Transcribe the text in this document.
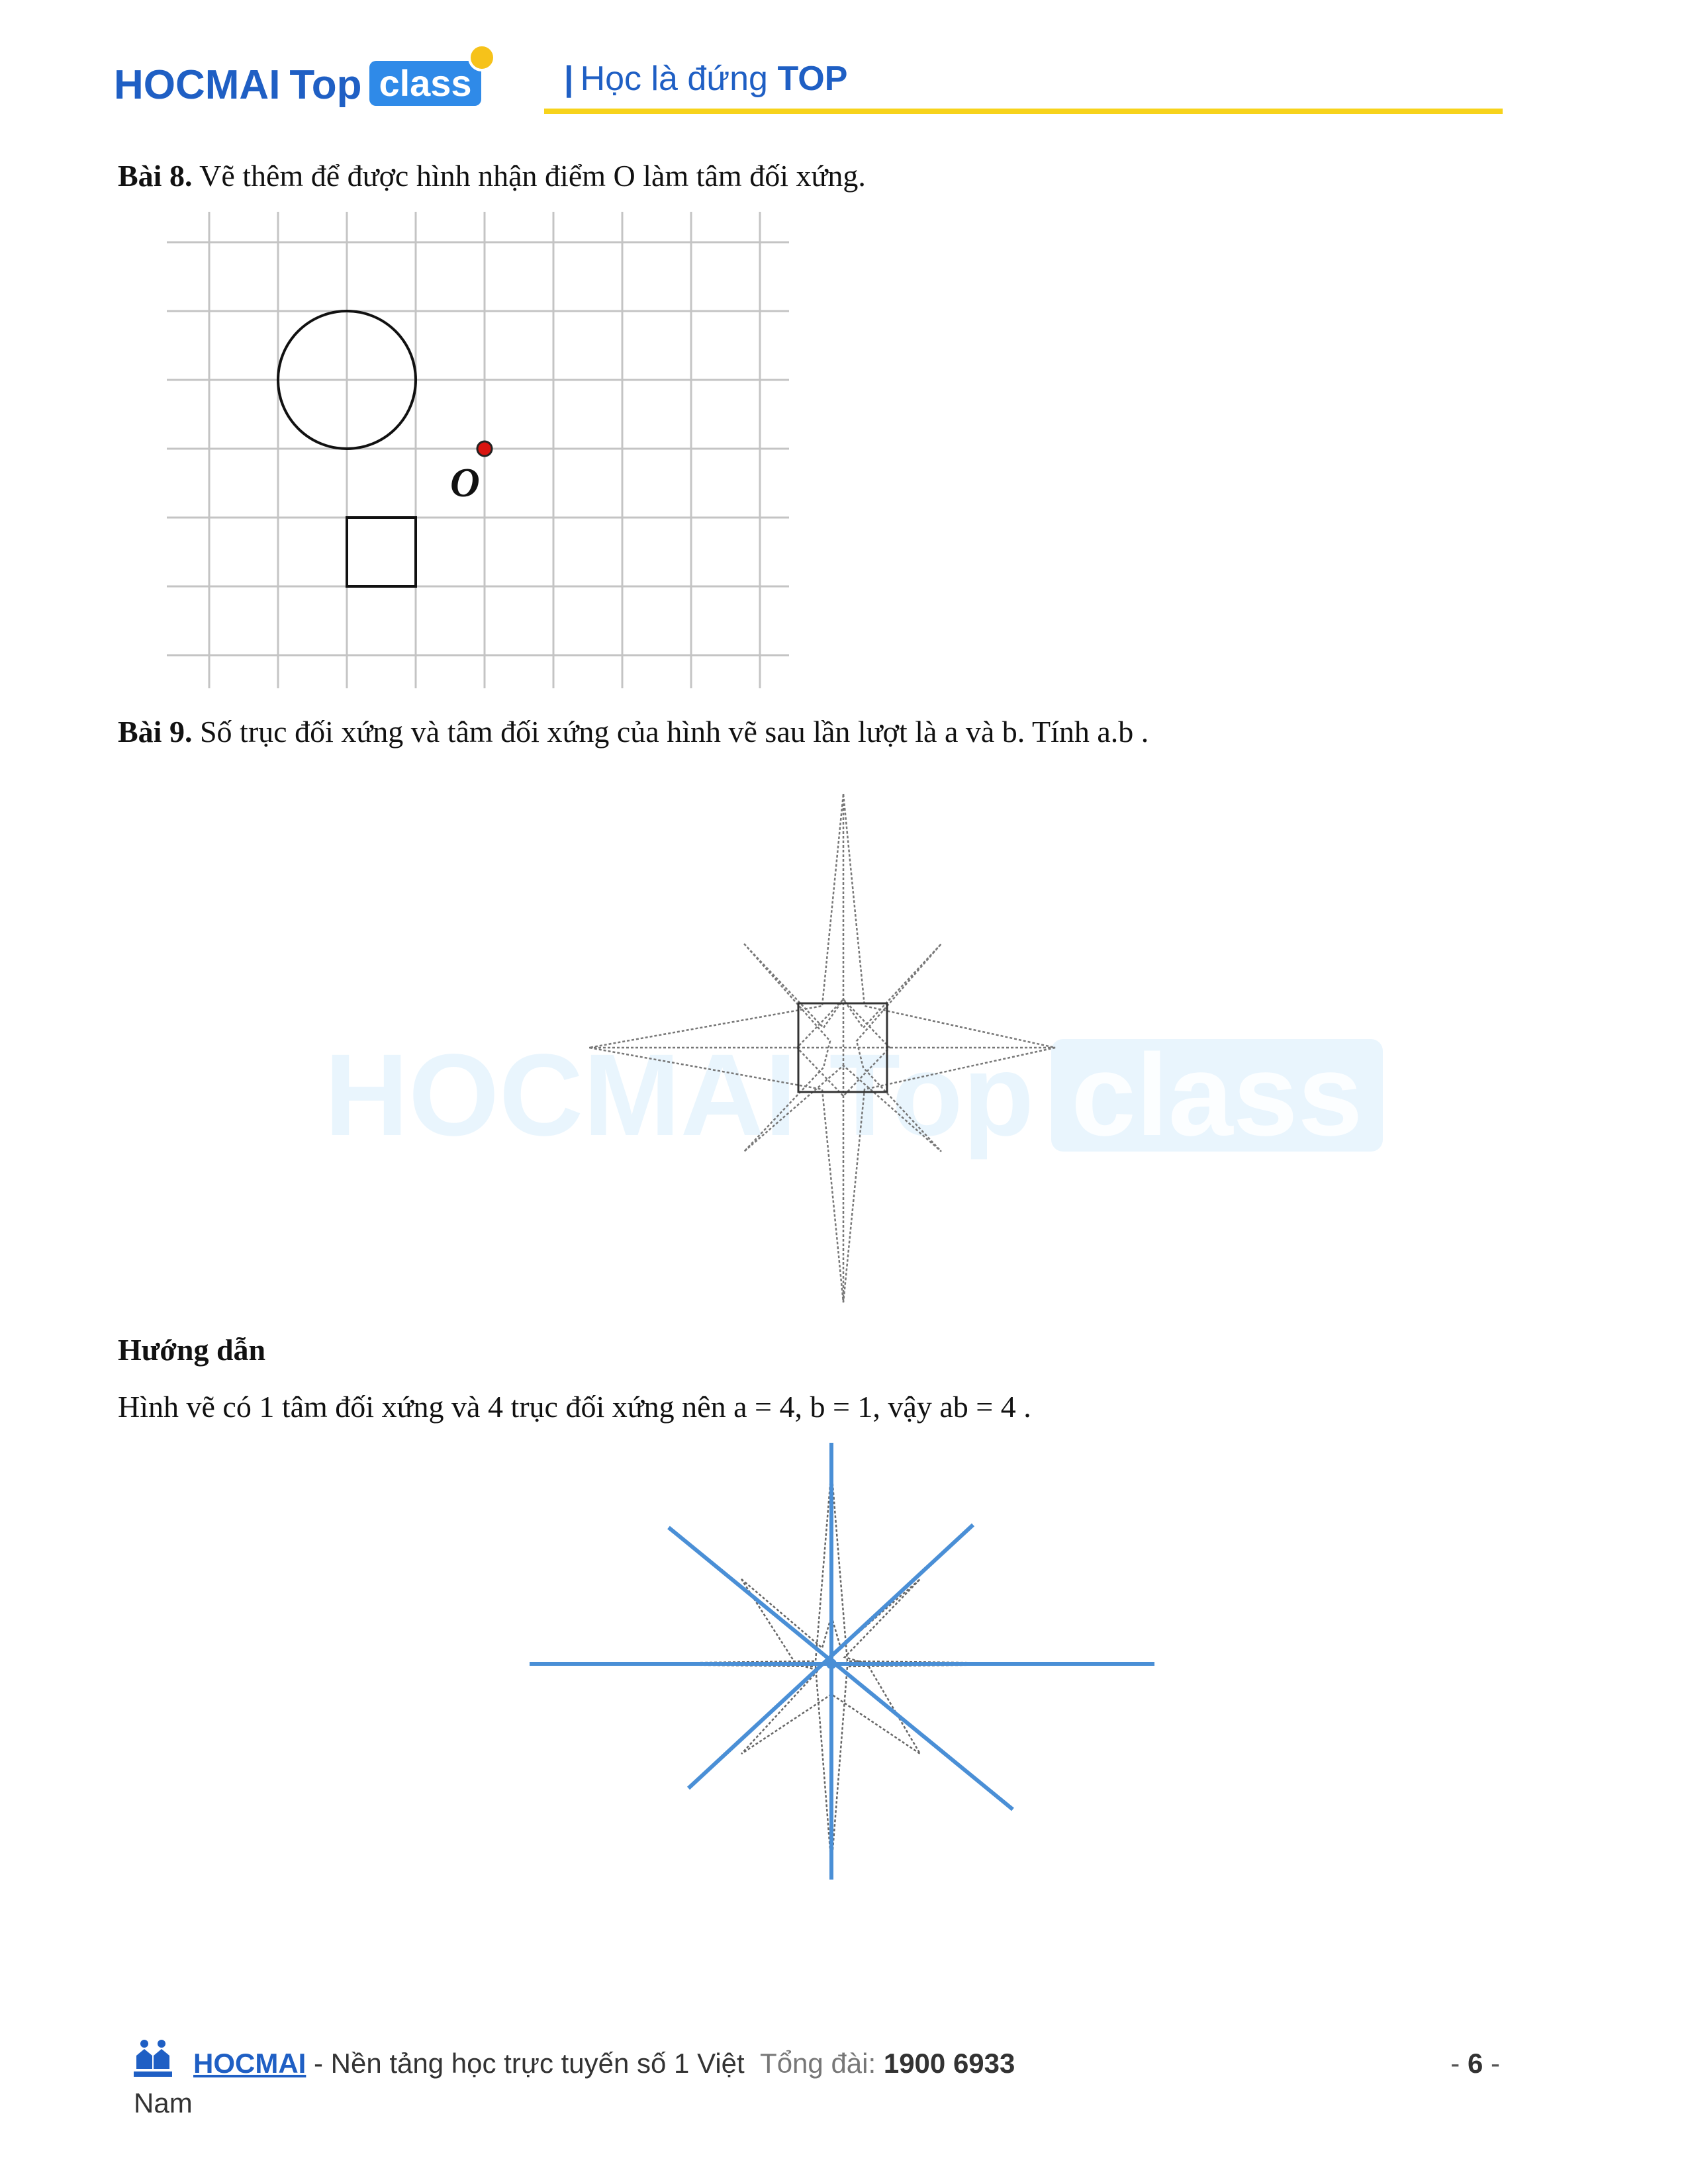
HOCMAI Top class	| Học là đứng TOP
HOCMAI Top class
Bài 8. Vẽ thêm để được hình nhận điểm O làm tâm đối xứng.
O
Bài 9. Số trục đối xứng và tâm đối xứng của hình vẽ sau lần lượt là a và b. Tính a.b .
Hướng dẫn
Hình vẽ có 1 tâm đối xứng và 4 trục đối xứng nên a = 4, b = 1, vậy ab = 4 .
HOCMAI - Nền tảng học trực tuyến số 1 Việt Tổng đài: 1900 6933
Nam
- 6 -
